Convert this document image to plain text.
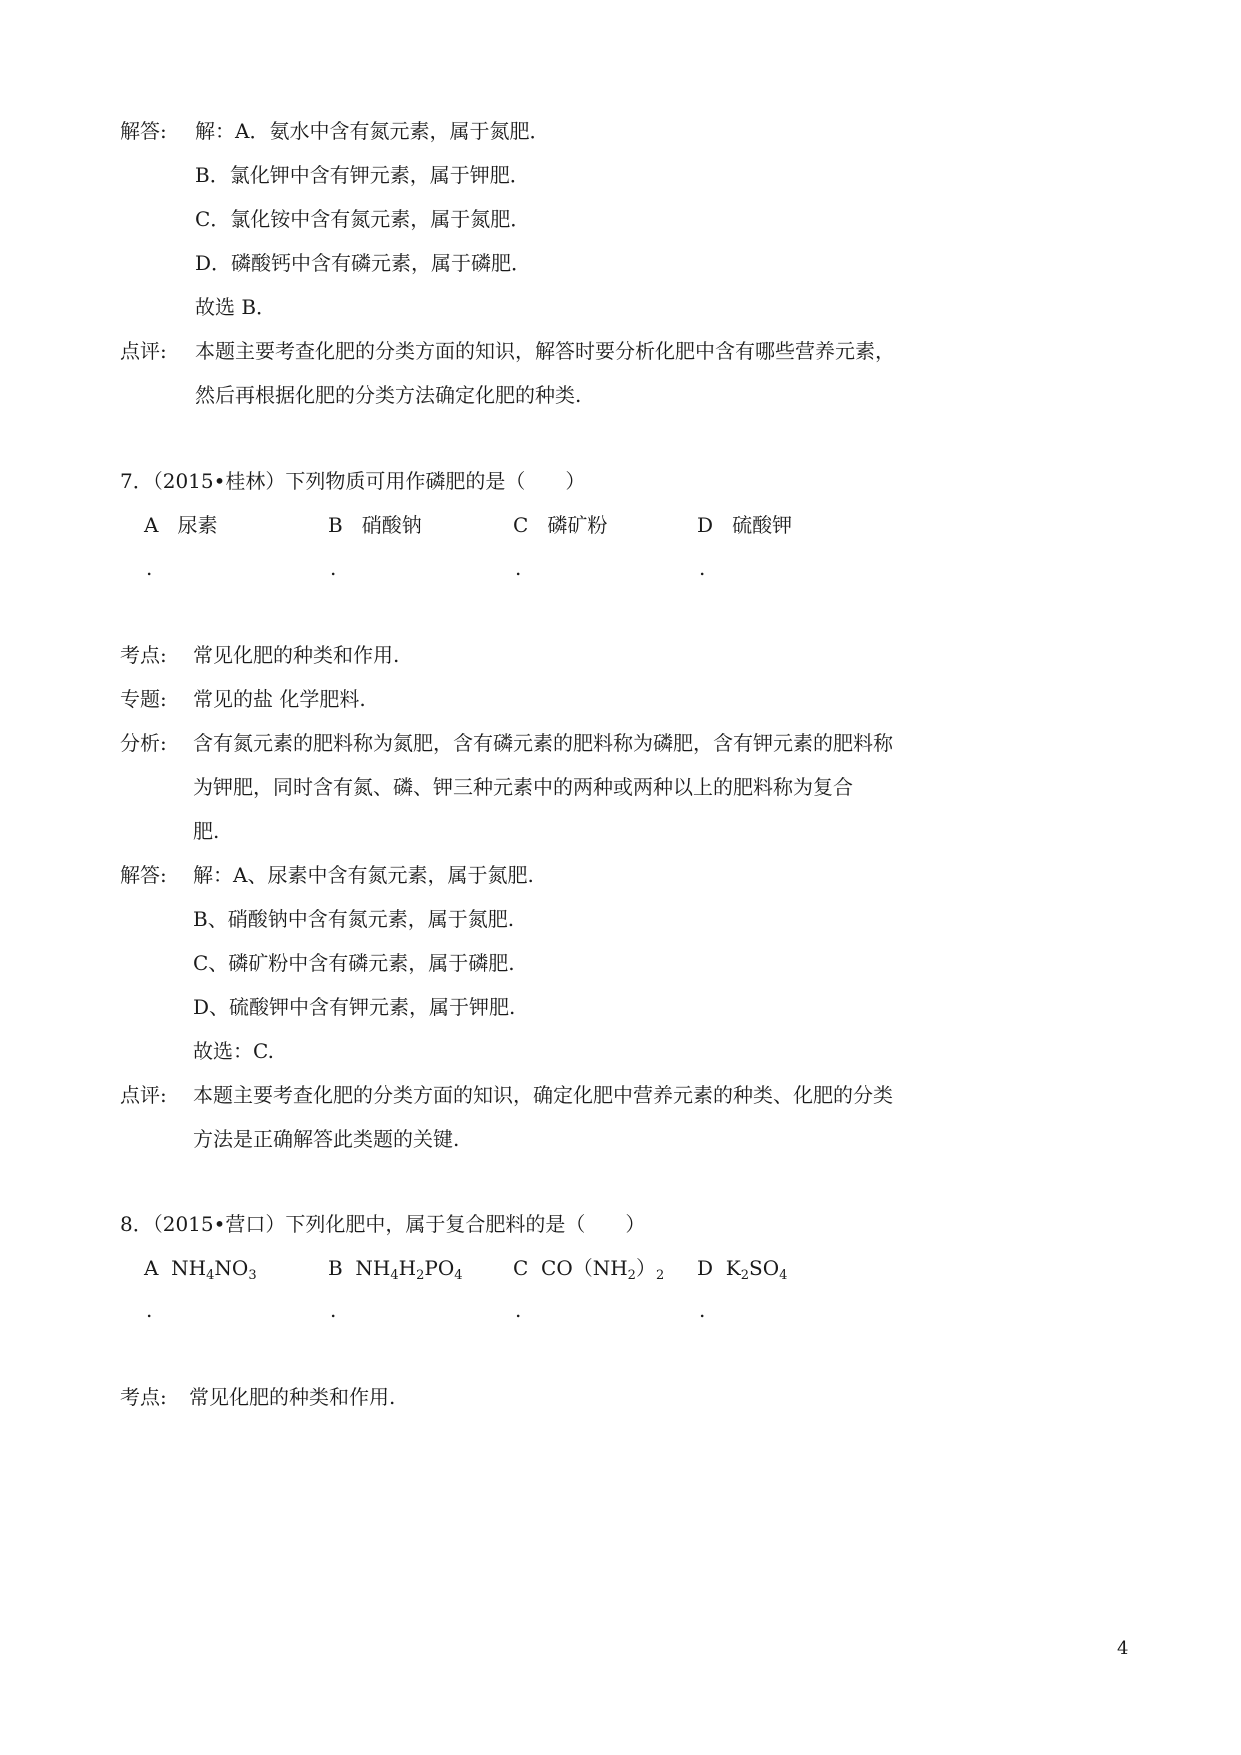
解答: 解：A．氨水中含有氮元素，属于氮肥．
B．氯化钾中含有钾元素，属于钾肥．
C．氯化铵中含有氮元素，属于氮肥．
D．磷酸钙中含有磷元素，属于磷肥．
故选 B．
点评: 本题主要考查化肥的分类方面的知识，解答时要分析化肥中含有哪些营养元素，
然后再根据化肥的分类方法确定化肥的种类.
7．（2015•桂林）下列物质可用作磷肥的是（　　）
A 尿素	B 硝酸钠	C 磷矿粉	D 硫酸钾
.	.	.	.
考点: 常见化肥的种类和作用.
专题: 常见的盐 化学肥料.
分析: 含有氮元素的肥料称为氮肥，含有磷元素的肥料称为磷肥，含有钾元素的肥料称
为钾肥，同时含有氮、磷、钾三种元素中的两种或两种以上的肥料称为复合
肥.
解答: 解：A、尿素中含有氮元素，属于氮肥.
B、硝酸钠中含有氮元素，属于氮肥.
C、磷矿粉中含有磷元素，属于磷肥.
D、硫酸钾中含有钾元素，属于钾肥.
故选：C.
点评: 本题主要考查化肥的分类方面的知识，确定化肥中营养元素的种类、化肥的分类
方法是正确解答此类题的关键.
8．（2015•营口）下列化肥中，属于复合肥料的是（　　）
A $NH_4NO_3$	B $NH_4H_2PO_4$	C $CO(NH_2)_2$ D $K_2SO_4$
.	.	.	.
考点: 常见化肥的种类和作用.
4
